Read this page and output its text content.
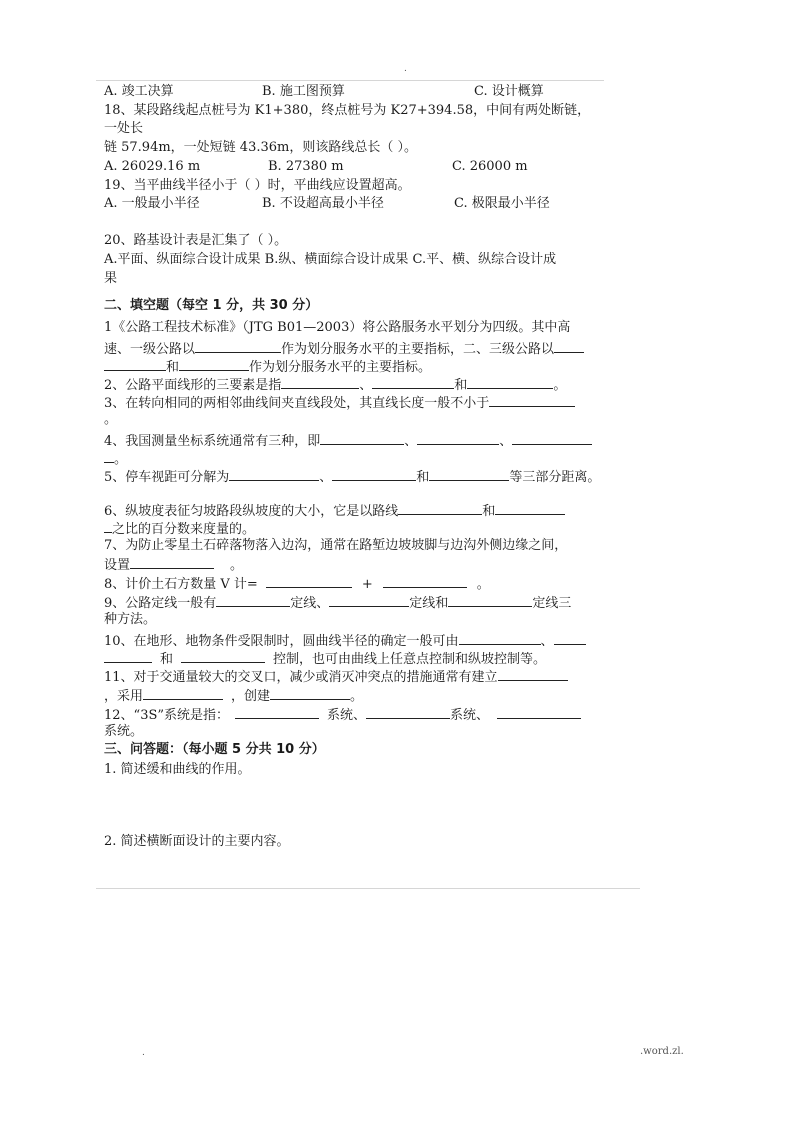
.
A. 竣工决算	B. 施工图预算	C. 设计概算
18、某段路线起点桩号为 K1+380，终点桩号为 K27+394.58，中间有两处断链，
一处长
链 57.94m，一处短链 43.36m，则该路线总长（ ）。
A. 26029.16 m	B. 27380 m	C. 26000 m
19、当平曲线半径小于（ ）时，平曲线应设置超高。
A. 一般最小半径	B. 不设超高最小半径	C. 极限最小半径
20、路基设计表是汇集了（ ）。
A.平面、纵面综合设计成果 B.纵、横面综合设计成果 C.平、横、纵综合设计成
果
二、填空题（每空 1 分，共 30 分）
1《公路工程技术标准》（JTG B01—2003）将公路服务水平划分为四级。其中高
速、一级公路以	作为划分服务水平的主要指标，二、三级公路以
和	作为划分服务水平的主要指标。
2、公路平面线形的三要素是指	、	和	。
3、在转向相同的两相邻曲线间夹直线段处，其直线长度一般不小于
。
4、我国测量坐标系统通常有三种，即	、	、
。
5、停车视距可分解为	、	和	等三部分距离。
6、纵坡度表征匀坡路段纵坡度的大小，它是以路线	和
之比的百分数来度量的。
7、为防止零星土石碎落物落入边沟，通常在路堑边坡坡脚与边沟外侧边缘之间，
设置	。
8、计价土石方数量 V 计=	+	。
9、公路定线一般有	定线、	定线和	定线三
种方法。
10、在地形、地物条件受限制时，圆曲线半径的确定一般可由	、
和	控制，也可由曲线上任意点控制和纵坡控制等。
11、对于交通量较大的交叉口，减少或消灭冲突点的措施通常有建立
，采用	，创建	。
12、“3S”系统是指：	系统、	系统、
系统。
三、问答题：（每小题 5 分共 10 分）
1. 简述缓和曲线的作用。
2. 简述横断面设计的主要内容。
.	.word.zl.
